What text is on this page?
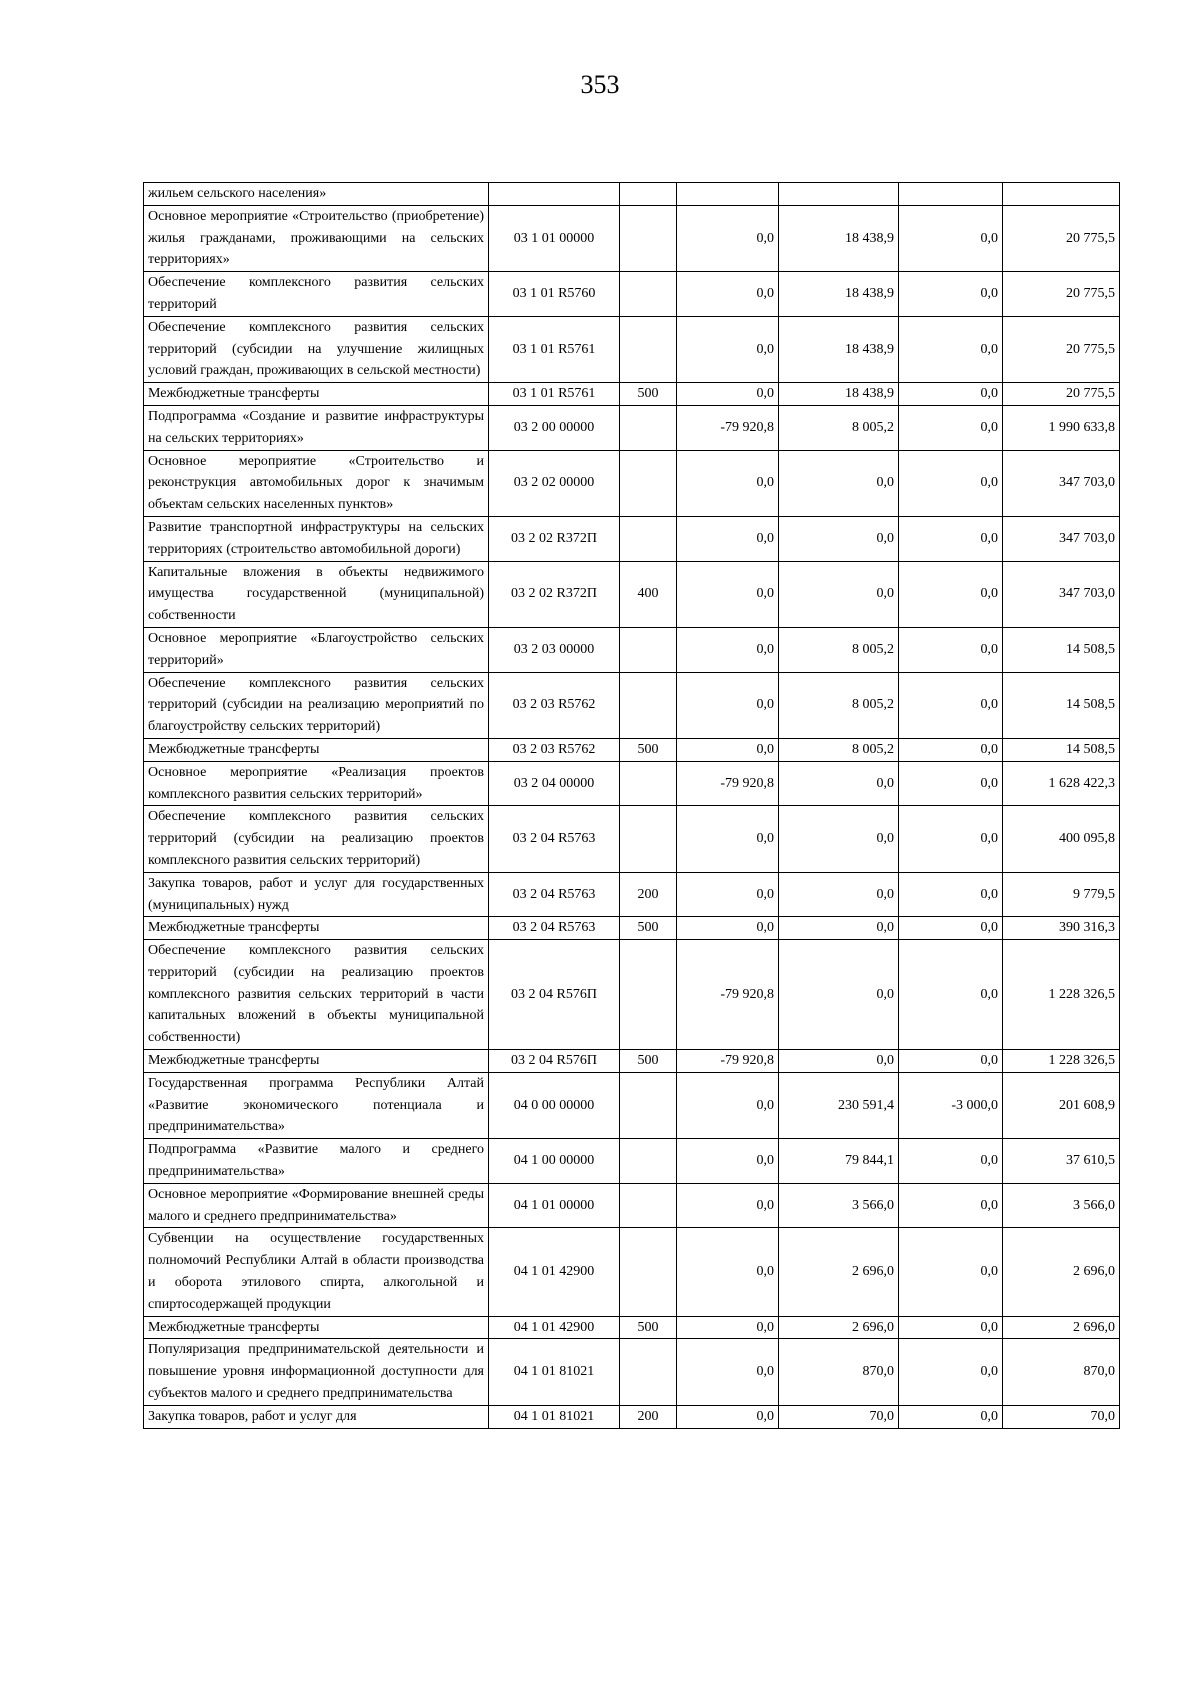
353
жильем сельского населения»						
Основное мероприятие «Строительство (приобретение) жилья гражданами, проживающими на сельских территориях»	03 1 01 00000		0,0	18 438,9	0,0	20 775,5
Обеспечение комплексного развития сельских территорий	03 1 01 R5760		0,0	18 438,9	0,0	20 775,5
Обеспечение комплексного развития сельских территорий (субсидии на улучшение жилищных условий граждан, проживающих в сельской местности)	03 1 01 R5761		0,0	18 438,9	0,0	20 775,5
Межбюджетные трансферты	03 1 01 R5761	500	0,0	18 438,9	0,0	20 775,5
Подпрограмма «Создание и развитие инфраструктуры на сельских территориях»	03 2 00 00000		-79 920,8	8 005,2	0,0	1 990 633,8
Основное мероприятие «Строительство и реконструкция автомобильных дорог к значимым объектам сельских населенных пунктов»	03 2 02 00000		0,0	0,0	0,0	347 703,0
Развитие транспортной инфраструктуры на сельских территориях (строительство автомобильной дороги)	03 2 02 R372П		0,0	0,0	0,0	347 703,0
Капитальные вложения в объекты недвижимого имущества государственной (муниципальной) собственности	03 2 02 R372П	400	0,0	0,0	0,0	347 703,0
Основное мероприятие «Благоустройство сельских территорий»	03 2 03 00000		0,0	8 005,2	0,0	14 508,5
Обеспечение комплексного развития сельских территорий (субсидии на реализацию мероприятий по благоустройству сельских территорий)	03 2 03 R5762		0,0	8 005,2	0,0	14 508,5
Межбюджетные трансферты	03 2 03 R5762	500	0,0	8 005,2	0,0	14 508,5
Основное мероприятие «Реализация проектов комплексного развития сельских территорий»	03 2 04 00000		-79 920,8	0,0	0,0	1 628 422,3
Обеспечение комплексного развития сельских территорий (субсидии на реализацию проектов комплексного развития сельских территорий)	03 2 04 R5763		0,0	0,0	0,0	400 095,8
Закупка товаров, работ и услуг для государственных (муниципальных) нужд	03 2 04 R5763	200	0,0	0,0	0,0	9 779,5
Межбюджетные трансферты	03 2 04 R5763	500	0,0	0,0	0,0	390 316,3
Обеспечение комплексного развития сельских территорий (субсидии на реализацию проектов комплексного развития сельских территорий в части капитальных вложений в объекты муниципальной собственности)	03 2 04 R576П		-79 920,8	0,0	0,0	1 228 326,5
Межбюджетные трансферты	03 2 04 R576П	500	-79 920,8	0,0	0,0	1 228 326,5
Государственная программа Республики Алтай «Развитие экономического потенциала и предпринимательства»	04 0 00 00000		0,0	230 591,4	-3 000,0	201 608,9
Подпрограмма «Развитие малого и среднего предпринимательства»	04 1 00 00000		0,0	79 844,1	0,0	37 610,5
Основное мероприятие «Формирование внешней среды малого и среднего предпринимательства»	04 1 01 00000		0,0	3 566,0	0,0	3 566,0
Субвенции на осуществление государственных полномочий Республики Алтай в области производства и оборота этилового спирта, алкогольной и спиртосодержащей продукции	04 1 01 42900		0,0	2 696,0	0,0	2 696,0
Межбюджетные трансферты	04 1 01 42900	500	0,0	2 696,0	0,0	2 696,0
Популяризация предпринимательской деятельности и повышение уровня информационной доступности для субъектов малого и среднего предпринимательства	04 1 01 81021		0,0	870,0	0,0	870,0
Закупка товаров, работ и услуг для	04 1 01 81021	200	0,0	70,0	0,0	70,0
